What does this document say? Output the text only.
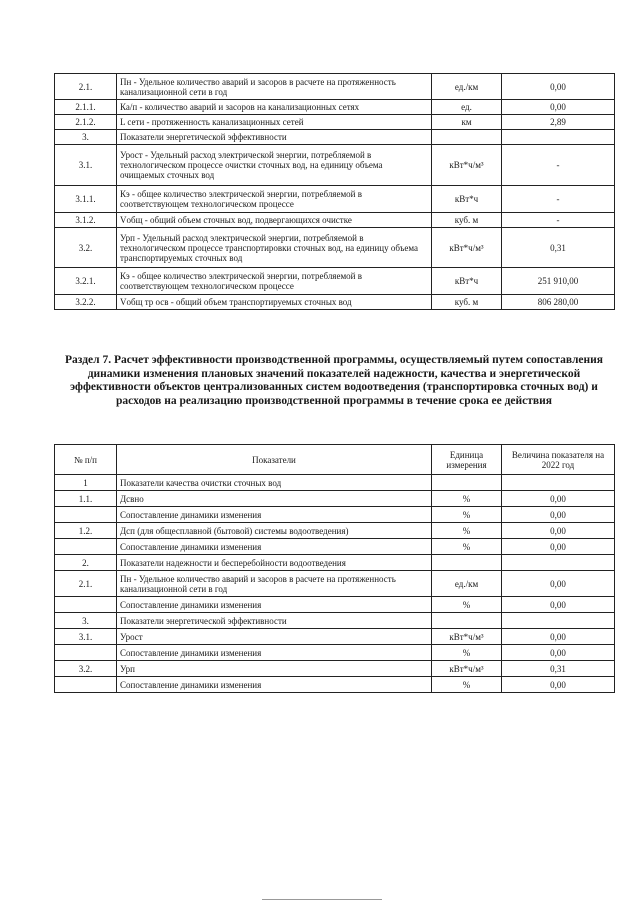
2.1.	Пн - Удельное количество аварий и засоров в расчете на протяженность канализационной сети в год	ед./км	0,00
2.1.1.	Ка/п - количество аварий и засоров на канализационных сетях	ед.	0,00
2.1.2.	L сети - протяженность канализационных сетей	км	2,89
3.	Показатели энергетической эффективности		
3.1.	Урост - Удельный расход электрической энергии, потребляемой в технологическом процессе очистки сточных вод, на единицу объема очищаемых сточных вод	кВт*ч/м³	-
3.1.1.	Кэ - общее количество электрической энергии, потребляемой в соответствующем технологическом процессе	кВт*ч	-
3.1.2.	Vобщ - общий объем сточных вод, подвергающихся очистке	куб. м	-
3.2.	Урп - Удельный расход электрической энергии, потребляемой в технологическом процессе транспортировки сточных вод, на единицу объема транспортируемых сточных вод	кВт*ч/м³	0,31
3.2.1.	Кэ - общее количество электрической энергии, потребляемой в соответствующем технологическом процессе	кВт*ч	251 910,00
3.2.2.	Vобщ тр осв - общий объем транспортируемых сточных вод	куб. м	806 280,00
Раздел 7. Расчет эффективности производственной программы, осуществляемый путем сопоставления динамики изменения плановых значений показателей надежности, качества и энергетической эффективности объектов централизованных систем водоотведения (транспортировка сточных вод) и расходов на реализацию производственной программы в течение срока ее действия
№ п/п	Показатели	Единица измерения	Величина показателя на 2022 год
1	Показатели качества очистки сточных вод		
1.1.	Дсвно	%	0,00
	Сопоставление динамики изменения	%	0,00
1.2.	Дсп (для общесплавной (бытовой) системы водоотведения)	%	0,00
	Сопоставление динамики изменения	%	0,00
2.	Показатели надежности и бесперебойности водоотведения		
2.1.	Пн - Удельное количество аварий и засоров в расчете на протяженность канализационной сети в год	ед./км	0,00
	Сопоставление динамики изменения	%	0,00
3.	Показатели энергетической эффективности		
3.1.	Урост	кВт*ч/м³	0,00
	Сопоставление динамики изменения	%	0,00
3.2.	Урп	кВт*ч/м³	0,31
	Сопоставление динамики изменения	%	0,00
